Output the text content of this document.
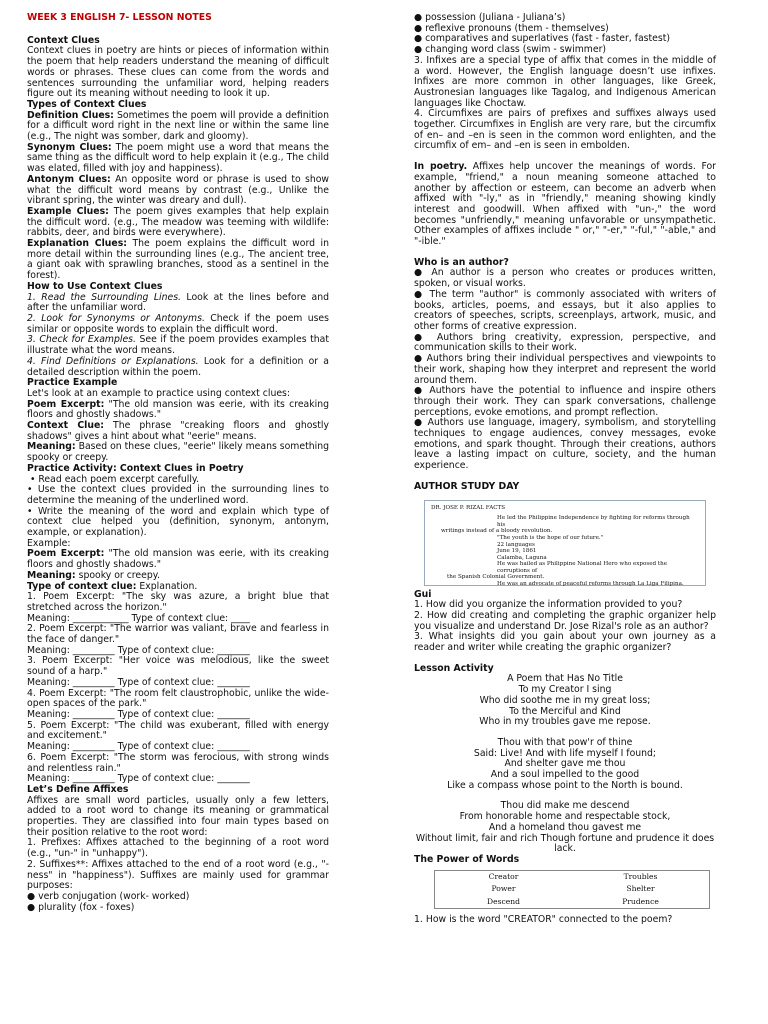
WEEK 3 ENGLISH 7- LESSON NOTES
Context Clues

Context clues in poetry are hints or pieces of information within the poem that help readers understand the meaning of difficult words or phrases. These clues can come from the words and sentences surrounding the unfamiliar word, helping readers figure out its meaning without needing to look it up.

Types of Context Clues

Definition Clues: Sometimes the poem will provide a definition for a difficult word right in the next line or within the same line (e.g., The night was somber, dark and gloomy).

Synonym Clues: The poem might use a word that means the same thing as the difficult word to help explain it (e.g., The child was elated, filled with joy and happiness).

Antonym Clues: An opposite word or phrase is used to show what the difficult word means by contrast (e.g., Unlike the vibrant spring, the winter was dreary and dull).

Example Clues: The poem gives examples that help explain the difficult word. (e.g., The meadow was teeming with wildlife: rabbits, deer, and birds were everywhere).

Explanation Clues: The poem explains the difficult word in more detail within the surrounding lines (e.g., The ancient tree, a giant oak with sprawling branches, stood as a sentinel in the forest).

How to Use Context Clues

1. Read the Surrounding Lines. Look at the lines before and after the unfamiliar word.

2. Look for Synonyms or Antonyms. Check if the poem uses similar or opposite words to explain the difficult word.

3. Check for Examples. See if the poem provides examples that illustrate what the word means.

4. Find Definitions or Explanations. Look for a definition or a detailed description within the poem.

Practice Example

Let's look at an example to practice using context clues:

Poem Excerpt: "The old mansion was eerie, with its creaking floors and ghostly shadows."

Context Clue: The phrase "creaking floors and ghostly shadows" gives a hint about what "eerie" means.

Meaning: Based on these clues, "eerie" likely means something spooky or creepy.

Practice Activity: Context Clues in Poetry

• Read each poem excerpt carefully.

• Use the context clues provided in the surrounding lines to determine the meaning of the underlined word.

• Write the meaning of the word and explain which type of context clue helped you (definition, synonym, antonym, example, or explanation).

Example:

Poem Excerpt: "The old mansion was eerie, with its creaking floors and ghostly shadows."

Meaning: spooky or creepy.

Type of context clue: Explanation.

1. Poem Excerpt: "The sky was azure, a bright blue that stretched across the horizon."

Meaning: ____________ Type of context clue: ____

2. Poem Excerpt: "The warrior was valiant, brave and fearless in the face of danger."

Meaning: _________ Type of context clue: _______

3. Poem Excerpt: "Her voice was melodious, like the sweet sound of a harp."

Meaning: _________ Type of context clue: _______

4. Poem Excerpt: "The room felt claustrophobic, unlike the wide-open spaces of the park."

Meaning: _________ Type of context clue: _______

5. Poem Excerpt: "The child was exuberant, filled with energy and excitement."

Meaning: _________ Type of context clue: _______

6. Poem Excerpt: "The storm was ferocious, with strong winds and relentless rain."

Meaning: _________ Type of context clue: _______

Let’s Define Affixes

Affixes are small word particles, usually only a few letters, added to a root word to change its meaning or grammatical properties. They are classified into four main types based on their position relative to the root word:

1. Prefixes: Affixes attached to the beginning of a root word (e.g., "un-" in "unhappy").

2. Suffixes**: Affixes attached to the end of a root word (e.g., "-ness" in "happiness"). Suffixes are mainly used for grammar purposes:

● verb conjugation (work- worked)

● plurality (fox - foxes)

● possession (Juliana - Juliana’s)

● reflexive pronouns (them - themselves)

● comparatives and superlatives (fast - faster, fastest)

● changing word class (swim - swimmer)

3. Infixes are a special type of affix that comes in the middle of a word. However, the English language doesn’t use infixes. Infixes are more common in other languages, like Greek, Austronesian languages like Tagalog, and Indigenous American languages like Choctaw.

4. Circumfixes are pairs of prefixes and suffixes always used together. Circumfixes in English are very rare, but the circumfix of en– and –en is seen in the common word enlighten, and the circumfix of em– and –en is seen in embolden.

In poetry. Affixes help uncover the meanings of words. For example, "friend," a noun meaning someone attached to another by affection or esteem, can become an adverb when affixed with "-ly," as in "friendly," meaning showing kindly interest and goodwill. When affixed with "un-," the word becomes "unfriendly," meaning unfavorable or unsympathetic. Other examples of affixes include " or," "-er," "-ful," "-able," and "-ible."

Who is an author?

● An author is a person who creates or produces written, spoken, or visual works.

● The term "author" is commonly associated with writers of books, articles, poems, and essays, but it also applies to creators of speeches, scripts, screenplays, artwork, music, and other forms of creative expression.

● Authors bring creativity, expression, perspective, and communication skills to their work.

● Authors bring their individual perspectives and viewpoints to their work, shaping how they interpret and represent the world around them.

● Authors have the potential to influence and inspire others through their work. They can spark conversations, challenge perceptions, evoke emotions, and prompt reflection.

● Authors use language, imagery, symbolism, and storytelling techniques to engage audiences, convey messages, evoke emotions, and spark thought. Through their creations, authors leave a lasting impact on culture, society, and the human experience.

AUTHOR STUDY DAY
DR. JOSE P. RIZAL FACTS
He led the Philippine Independence by fighting for reforms through his
writings instead of a bloody revolution.
"The youth is the hope of our future."
22 languages
June 19, 1861
Calamba, Laguna
He was hailed as Philippine National Hero who exposed the corruptions of
the Spanish Colonial Government.
He was an advocate of peaceful reforms through La Liga Filipina.
Gui

1. How did you organize the information provided to you?

2. How did creating and completing the graphic organizer help you visualize and understand Dr. Jose Rizal's role as an author?

3. What insights did you gain about your own journey as a reader and writer while creating the graphic organizer?

Lesson Activity
A Poem that Has No Title
To my Creator I sing
Who did soothe me in my great loss;
To the Merciful and Kind
Who in my troubles gave me repose.
Thou with that pow'r of thine
Said: Live! And with life myself I found;
And shelter gave me thou
And a soul impelled to the good
Like a compass whose point to the North is bound.
Thou did make me descend
From honorable home and respectable stock,
And a homeland thou gavest me
Without limit, fair and rich Though fortune and prudence it does lack.
The Power of Words
Creator	Troubles
Power	Shelter
Descend	Prudence

1. How is the word "CREATOR" connected to the poem?
